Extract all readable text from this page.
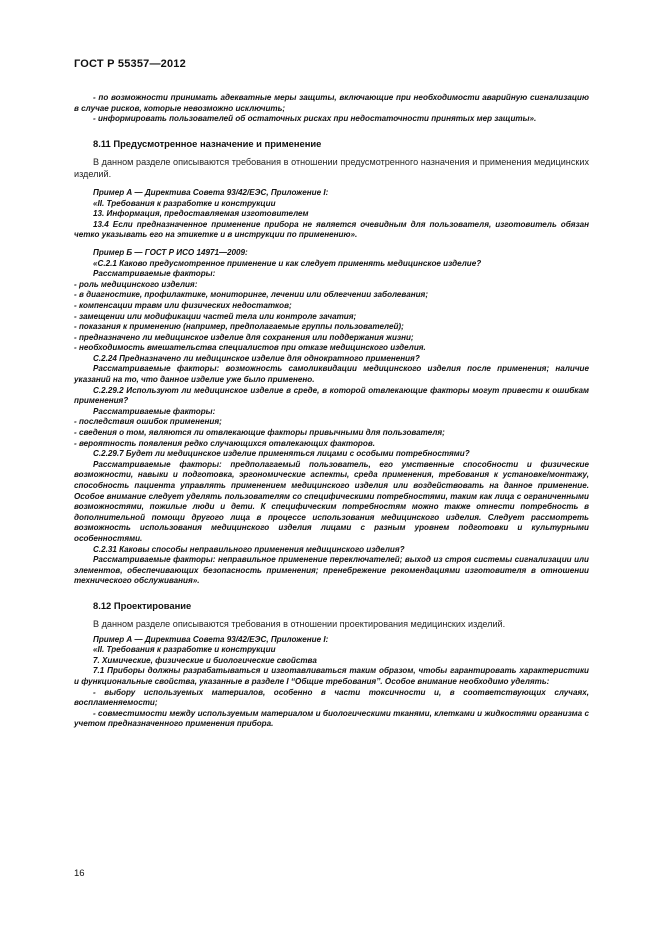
ГОСТ Р 55357—2012

- по возможности принимать адекватные меры защиты, включающие при необходимости аварийную сигнализацию в случае рисков, которые невозможно исключить;

- информировать пользователей об остаточных рисках при недостаточности принятых мер защиты».

8.11 Предусмотренное назначение и применение

В данном разделе описываются требования в отношении предусмотренного назначения и применения медицинских изделий.

Пример А — Директива Совета 93/42/ЕЭС, Приложение I:

«II. Требования к разработке и конструкции

13. Информация, предоставляемая изготовителем

13.4 Если предназначенное применение прибора не является очевидным для пользователя, изготовитель обязан четко указывать его на этикетке и в инструкции по применению».

Пример Б — ГОСТ Р ИСО 14971—2009:

«С.2.1 Каково предусмотренное применение и как следует применять медицинское изделие?

Рассматриваемые факторы:

- роль медицинского изделия:

- в диагностике, профилактике, мониторинге, лечении или облегчении заболевания;

- компенсации травм или физических недостатков;

- замещении или модификации частей тела или контроле зачатия;

- показания к применению (например, предполагаемые группы пользователей);

- предназначено ли медицинское изделие для сохранения или поддержания жизни;

- необходимость вмешательства специалистов при отказе медицинского изделия.

С.2.24 Предназначено ли медицинское изделие для однократного применения?

Рассматриваемые факторы: возможность самоликвидации медицинского изделия после применения; наличие указаний на то, что данное изделие уже было применено.

С.2.29.2 Используют ли медицинское изделие в среде, в которой отвлекающие факторы могут привести к ошибкам применения?

Рассматриваемые факторы:

- последствия ошибок применения;

- сведения о том, являются ли отвлекающие факторы привычными для пользователя;

- вероятность появления редко случающихся отвлекающих факторов.

С.2.29.7 Будет ли медицинское изделие применяться лицами с особыми потребностями?

Рассматриваемые факторы: предполагаемый пользователь, его умственные способности и физические возможности, навыки и подготовка, эргономические аспекты, среда применения, требования к установке/монтажу, способность пациента управлять применением медицинского изделия или воздействовать на данное применение. Особое внимание следует уделять пользователям со специфическими потребностями, таким как лица с ограниченными возможностями, пожилые люди и дети. К специфическим потребностям можно также отнести потребность в дополнительной помощи другого лица в процессе использования медицинского изделия. Следует рассмотреть возможность использования медицинского изделия лицами с разным уровнем подготовки и культурными особенностями.

С.2.31 Каковы способы неправильного применения медицинского изделия?

Рассматриваемые факторы: неправильное применение переключателей; выход из строя системы сигнализации или элементов, обеспечивающих безопасность применения; пренебрежение рекомендациями изготовителя в отношении технического обслуживания».

8.12 Проектирование

В данном разделе описываются требования в отношении проектирования медицинских изделий.

Пример А — Директива Совета 93/42/ЕЭС, Приложение I:

«II. Требования к разработке и конструкции

7. Химические, физические и биологические свойства

7.1 Приборы должны разрабатываться и изготавливаться таким образом, чтобы гарантировать характеристики и функциональные свойства, указанные в разделе I ‘‘Общие требования’’. Особое внимание необходимо уделять:

- выбору используемых материалов, особенно в части токсичности и, в соответствующих случаях, воспламеняемости;

- совместимости между используемым материалом и биологическими тканями, клетками и жидкостями организма с учетом предназначенного применения прибора.

16
